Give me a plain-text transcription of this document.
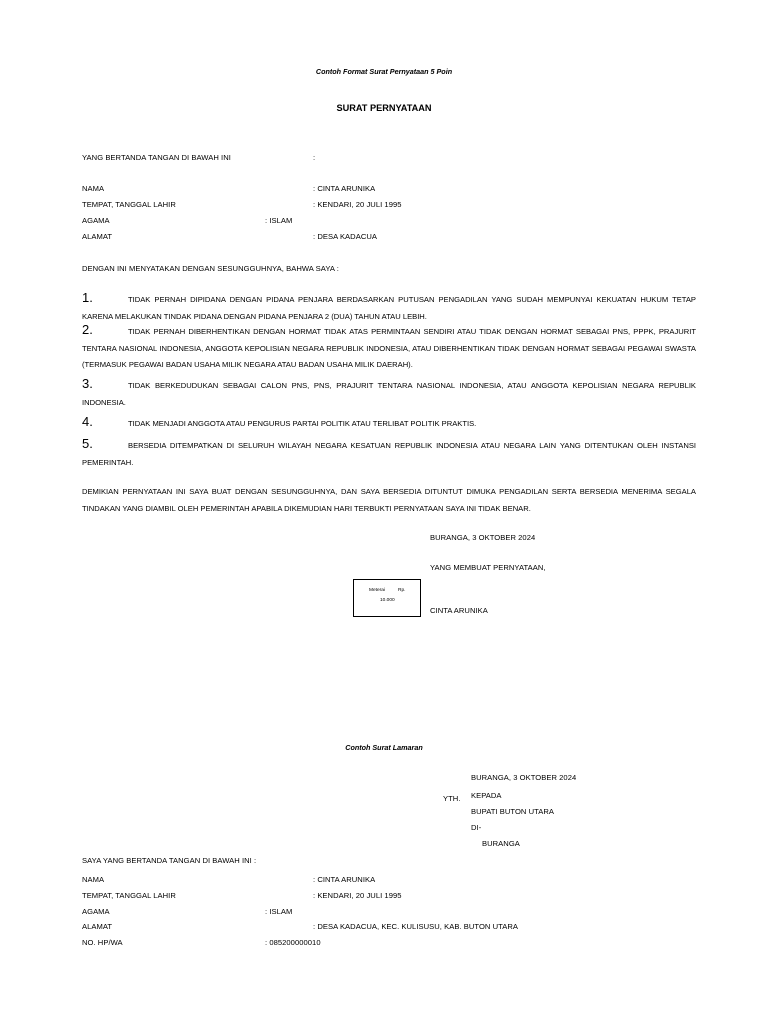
Contoh Format Surat Pernyataan 5 Poin
SURAT PERNYATAAN
YANG BERTANDA TANGAN DI BAWAH INI	:
NAMA	: CINTA ARUNIKA
TEMPAT, TANGGAL LAHIR	: KENDARI, 20 JULI 1995
AGAMA	: ISLAM
ALAMAT	: DESA KADACUA
DENGAN INI MENYATAKAN DENGAN SESUNGGUHNYA, BAHWA SAYA :
1.	TIDAK PERNAH DIPIDANA DENGAN PIDANA PENJARA BERDASARKAN PUTUSAN PENGADILAN YANG SUDAH MEMPUNYAI KEKUATAN HUKUM TETAP KARENA MELAKUKAN TINDAK PIDANA DENGAN PIDANA PENJARA 2 (DUA) TAHUN ATAU LEBIH.
2.	TIDAK PERNAH DIBERHENTIKAN DENGAN HORMAT TIDAK ATAS PERMINTAAN SENDIRI ATAU TIDAK DENGAN HORMAT SEBAGAI PNS, PPPK, PRAJURIT TENTARA NASIONAL INDONESIA, ANGGOTA KEPOLISIAN NEGARA REPUBLIK INDONESIA, ATAU DIBERHENTIKAN TIDAK DENGAN HORMAT SEBAGAI PEGAWAI SWASTA (TERMASUK PEGAWAI BADAN USAHA MILIK NEGARA ATAU BADAN USAHA MILIK DAERAH).
3.	TIDAK BERKEDUDUKAN SEBAGAI CALON PNS, PNS, PRAJURIT TENTARA NASIONAL INDONESIA, ATAU ANGGOTA KEPOLISIAN NEGARA REPUBLIK INDONESIA.
4.	TIDAK MENJADI ANGGOTA ATAU PENGURUS PARTAI POLITIK ATAU TERLIBAT POLITIK PRAKTIS.
5.	BERSEDIA DITEMPATKAN DI SELURUH WILAYAH NEGARA KESATUAN REPUBLIK INDONESIA ATAU NEGARA LAIN YANG DITENTUKAN OLEH INSTANSI PEMERINTAH.
DEMIKIAN PERNYATAAN INI SAYA BUAT DENGAN SESUNGGUHNYA, DAN SAYA BERSEDIA DITUNTUT DIMUKA PENGADILAN SERTA BERSEDIA MENERIMA SEGALA TINDAKAN YANG DIAMBIL OLEH PEMERINTAH APABILA DIKEMUDIAN HARI TERBUKTI PERNYATAAN SAYA INI TIDAK BENAR.
BURANGA, 3 OKTOBER 2024
YANG MEMBUAT PERNYATAAN,
Meterai	Rp.
10.000
CINTA ARUNIKA
Contoh Surat Lamaran
BURANGA, 3 OKTOBER 2024
YTH. KEPADA
BUPATI BUTON UTARA
DI-
BURANGA
SAYA YANG BERTANDA TANGAN DI BAWAH INI :
NAMA	: CINTA ARUNIKA
TEMPAT, TANGGAL LAHIR	: KENDARI, 20 JULI 1995
AGAMA	: ISLAM
ALAMAT	: DESA KADACUA, KEC. KULISUSU, KAB. BUTON UTARA
NO. HP/WA	: 085200000010
